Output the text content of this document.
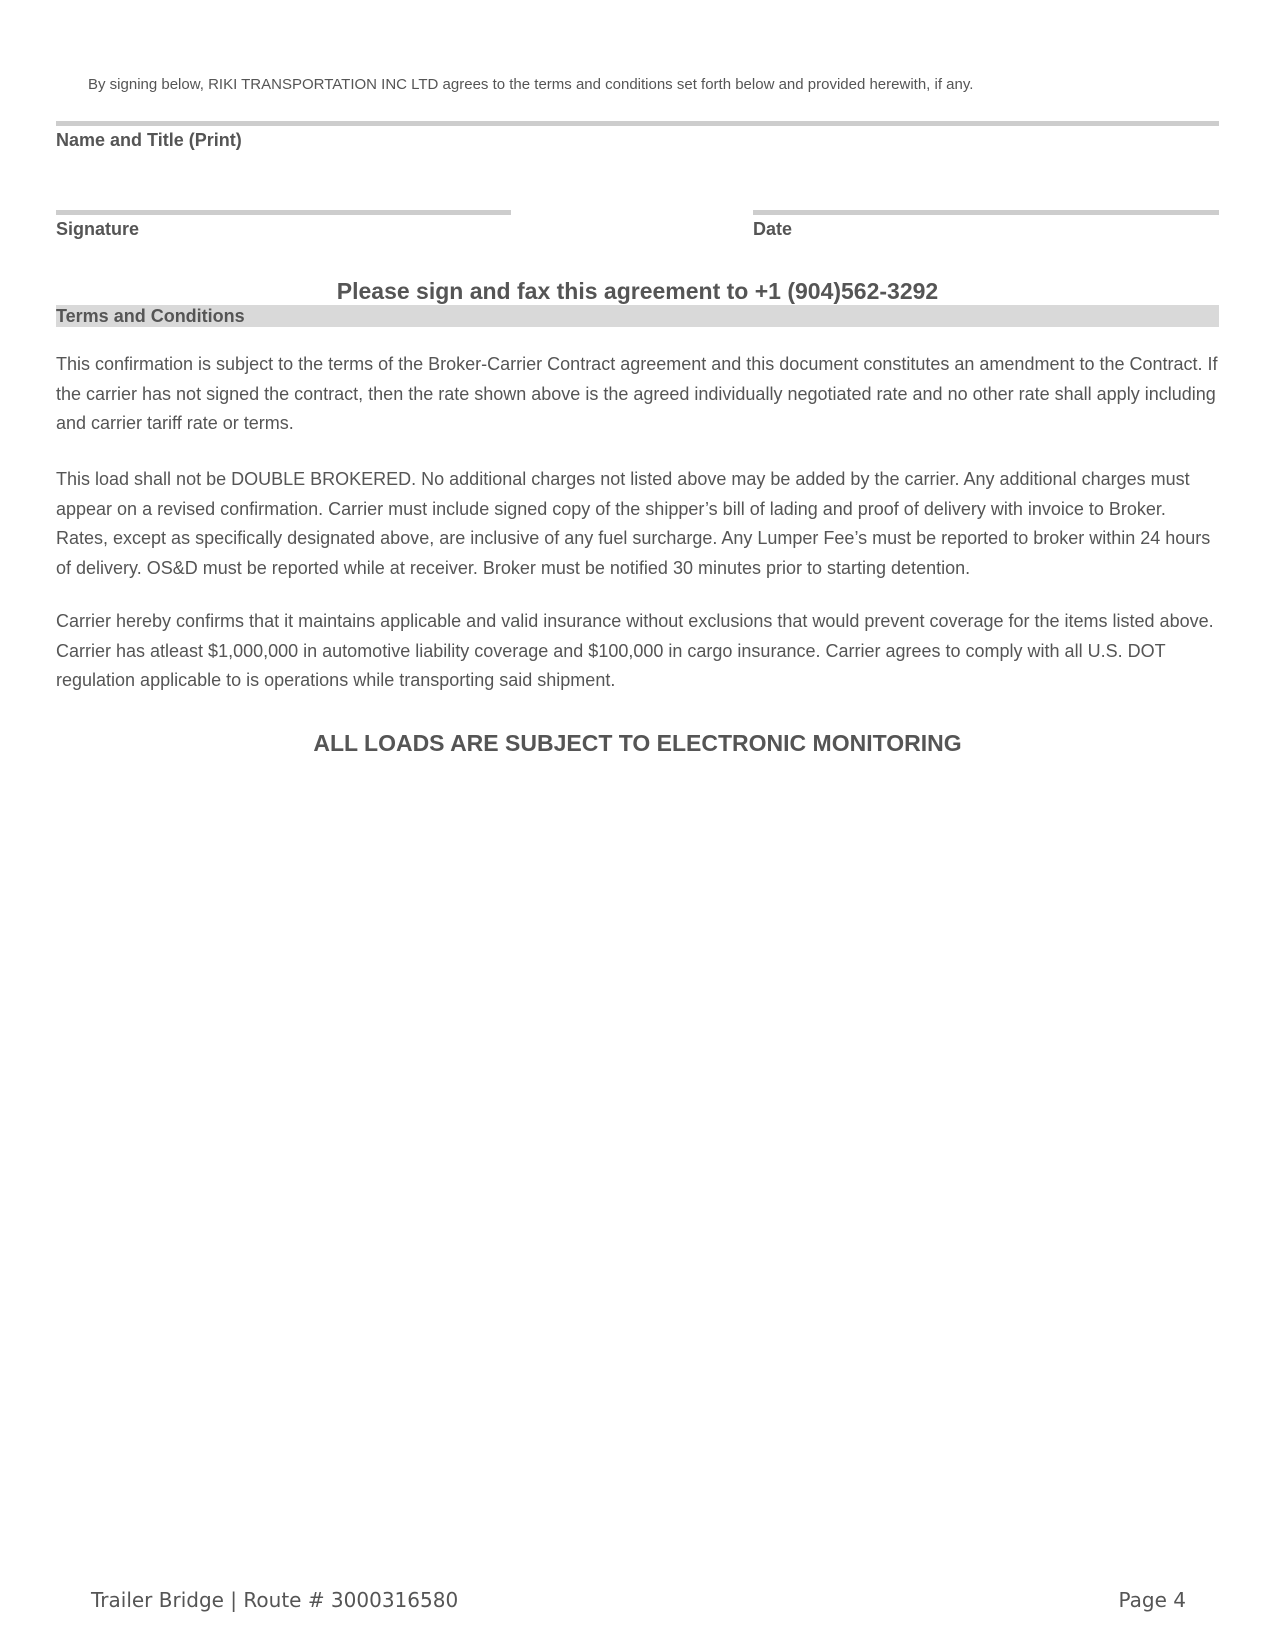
By signing below, RIKI TRANSPORTATION INC LTD agrees to the terms and conditions set forth below and provided herewith, if any.
Name and Title (Print)
Signature	Date
Please sign and fax this agreement to +1 (904)562-3292
Terms and Conditions
This confirmation is subject to the terms of the Broker-Carrier Contract agreement and this document constitutes an amendment to the Contract. If the carrier has not signed the contract, then the rate shown above is the agreed individually negotiated rate and no other rate shall apply including and carrier tariff rate or terms.
This load shall not be DOUBLE BROKERED. No additional charges not listed above may be added by the carrier. Any additional charges must appear on a revised confirmation. Carrier must include signed copy of the shipper’s bill of lading and proof of delivery with invoice to Broker. Rates, except as specifically designated above, are inclusive of any fuel surcharge. Any Lumper Fee’s must be reported to broker within 24 hours of delivery. OS&D must be reported while at receiver. Broker must be notified 30 minutes prior to starting detention.
Carrier hereby confirms that it maintains applicable and valid insurance without exclusions that would prevent coverage for the items listed above. Carrier has atleast $1,000,000 in automotive liability coverage and $100,000 in cargo insurance. Carrier agrees to comply with all U.S. DOT regulation applicable to is operations while transporting said shipment.
ALL LOADS ARE SUBJECT TO ELECTRONIC MONITORING
Trailer Bridge | Route # 3000316580	Page 4
